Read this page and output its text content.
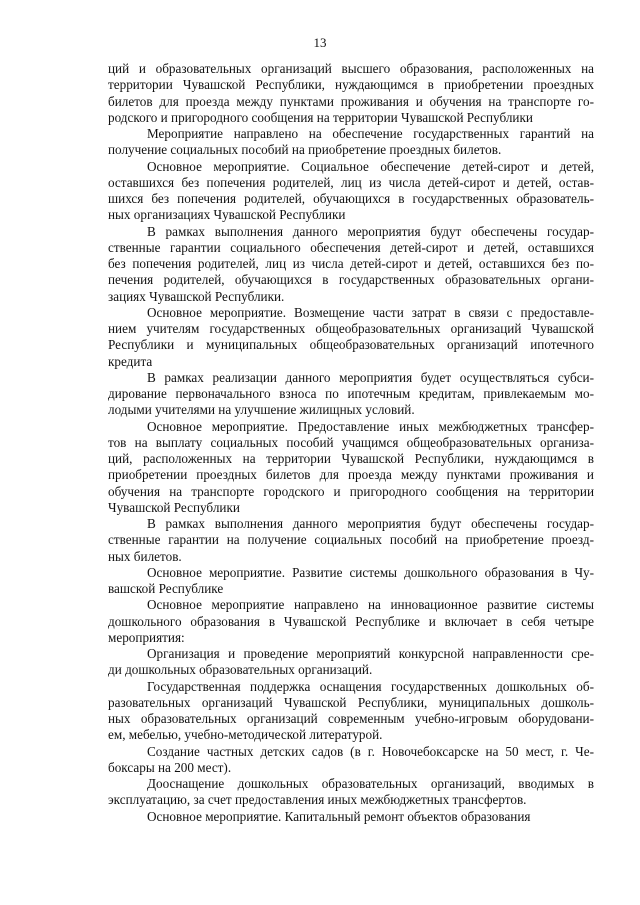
13
ций и образовательных организаций высшего образования, расположенных на
территории Чувашской Республики, нуждающимся в приобретении проездных
билетов для проезда между пунктами проживания и обучения на транспорте го-
родского и пригородного сообщения на территории Чувашской Республики
Мероприятие направлено на обеспечение государственных гарантий на
получение социальных пособий на приобретение проездных билетов.
Основное мероприятие. Социальное обеспечение детей-сирот и детей,
оставшихся без попечения родителей, лиц из числа детей-сирот и детей, остав-
шихся без попечения родителей, обучающихся в государственных образователь-
ных организациях Чувашской Республики
В рамках выполнения данного мероприятия будут обеспечены государ-
ственные гарантии социального обеспечения детей-сирот и детей, оставшихся
без попечения родителей, лиц из числа детей-сирот и детей, оставшихся без по-
печения родителей, обучающихся в государственных образовательных органи-
зациях Чувашской Республики.
Основное мероприятие. Возмещение части затрат в связи с предоставле-
нием учителям государственных общеобразовательных организаций Чувашской
Республики и муниципальных общеобразовательных организаций ипотечного
кредита
В рамках реализации данного мероприятия будет осуществляться субси-
дирование первоначального взноса по ипотечным кредитам, привлекаемым мо-
лодыми учителями на улучшение жилищных условий.
Основное мероприятие. Предоставление иных межбюджетных трансфер-
тов на выплату социальных пособий учащимся общеобразовательных организа-
ций, расположенных на территории Чувашской Республики, нуждающимся в
приобретении проездных билетов для проезда между пунктами проживания и
обучения на транспорте городского и пригородного сообщения на территории
Чувашской Республики
В рамках выполнения данного мероприятия будут обеспечены государ-
ственные гарантии на получение социальных пособий на приобретение проезд-
ных билетов.
Основное мероприятие. Развитие системы дошкольного образования в Чу-
вашской Республике
Основное мероприятие направлено на инновационное развитие системы
дошкольного образования в Чувашской Республике и включает в себя четыре
мероприятия:
Организация и проведение мероприятий конкурсной направленности сре-
ди дошкольных образовательных организаций.
Государственная поддержка оснащения государственных дошкольных об-
разовательных организаций Чувашской Республики, муниципальных дошколь-
ных образовательных организаций современным учебно-игровым оборудовани-
ем, мебелью, учебно-методической литературой.
Создание частных детских садов (в г. Новочебоксарске на 50 мест, г. Че-
боксары на 200 мест).
Дооснащение дошкольных образовательных организаций, вводимых в
эксплуатацию, за счет предоставления иных межбюджетных трансфертов.
Основное мероприятие. Капитальный ремонт объектов образования
